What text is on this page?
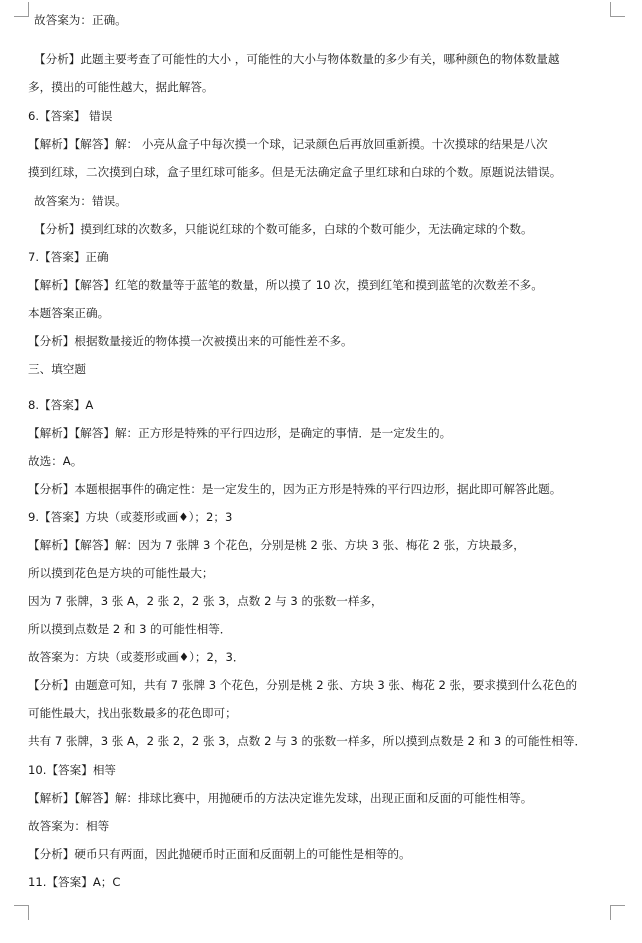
故答案为：正确。
【分析】此题主要考查了可能性的大小 ，可能性的大小与物体数量的多少有关，哪种颜色的物体数量越
多，摸出的可能性越大，据此解答。
6.【答案】 错误
【解析】【解答】解： 小亮从盒子中每次摸一个球，记录颜色后再放回重新摸。十次摸球的结果是八次
摸到红球，二次摸到白球，盒子里红球可能多。但是无法确定盒子里红球和白球的个数。原题说法错误。
故答案为：错误。
【分析】摸到红球的次数多，只能说红球的个数可能多，白球的个数可能少，无法确定球的个数。
7.【答案】正确
【解析】【解答】红笔的数量等于蓝笔的数量，所以摸了 10 次，摸到红笔和摸到蓝笔的次数差不多。
本题答案正确。
【分析】根据数量接近的物体摸一次被摸出来的可能性差不多。
三、填空题
8.【答案】A
【解析】【解答】解：正方形是特殊的平行四边形，是确定的事情．是一定发生的。
故选：A。
【分析】本题根据事件的确定性：是一定发生的，因为正方形是特殊的平行四边形，据此即可解答此题。
9.【答案】方块（或菱形或画♦）；2；3
【解析】【解答】解：因为 7 张牌 3 个花色，分别是桃 2 张、方块 3 张、梅花 2 张，方块最多，
所以摸到花色是方块的可能性最大；
因为 7 张牌，3 张 A，2 张 2，2 张 3，点数 2 与 3 的张数一样多，
所以摸到点数是 2 和 3 的可能性相等．
故答案为：方块（或菱形或画♦）；2，3．
【分析】由题意可知，共有 7 张牌 3 个花色，分别是桃 2 张、方块 3 张、梅花 2 张，要求摸到什么花色的
可能性最大，找出张数最多的花色即可；
共有 7 张牌，3 张 A，2 张 2，2 张 3，点数 2 与 3 的张数一样多，所以摸到点数是 2 和 3 的可能性相等．
10.【答案】相等
【解析】【解答】解：排球比赛中，用抛硬币的方法决定谁先发球，出现正面和反面的可能性相等。
故答案为：相等
【分析】硬币只有两面，因此抛硬币时正面和反面朝上的可能性是相等的。
11.【答案】A；C
